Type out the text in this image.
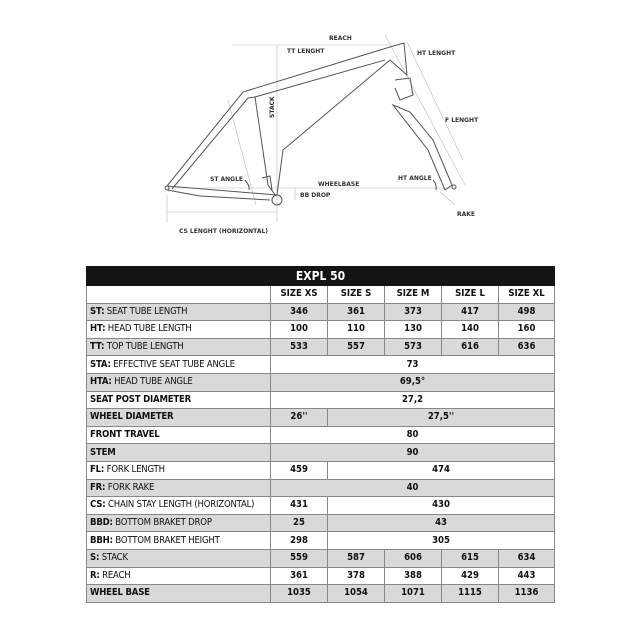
REACH
TT LENGHT	HT LENGHT
STACK
F LENGHT
ST ANGLE
WHEELBASE
HT ANGLE
BB DROP
RAKE
CS LENGHT (HORIZONTAL)
EXPL 50					
	SIZE XS	SIZE S	SIZE M	SIZE L	SIZE XL
ST: SEAT TUBE LENGTH	346	361	373	417	498
HT: HEAD TUBE LENGTH	100	110	130	140	160
TT: TOP TUBE LENGTH	533	557	573	616	636
STA: EFFECTIVE SEAT TUBE ANGLE	73				
HTA: HEAD TUBE ANGLE	69,5°				
SEAT POST DIAMETER	27,2				
WHEEL DIAMETER	26''	27,5''			
FRONT TRAVEL	80				
STEM	90				
FL: FORK LENGTH	459	474			
FR: FORK RAKE	40				
CS: CHAIN STAY LENGTH (HORIZONTAL)	431	430			
BBD: BOTTOM BRAKET DROP	25	43			
BBH: BOTTOM BRAKET HEIGHT	298	305			
S: STACK	559	587	606	615	634
R: REACH	361	378	388	429	443
WHEEL BASE	1035	1054	1071	1115	1136
